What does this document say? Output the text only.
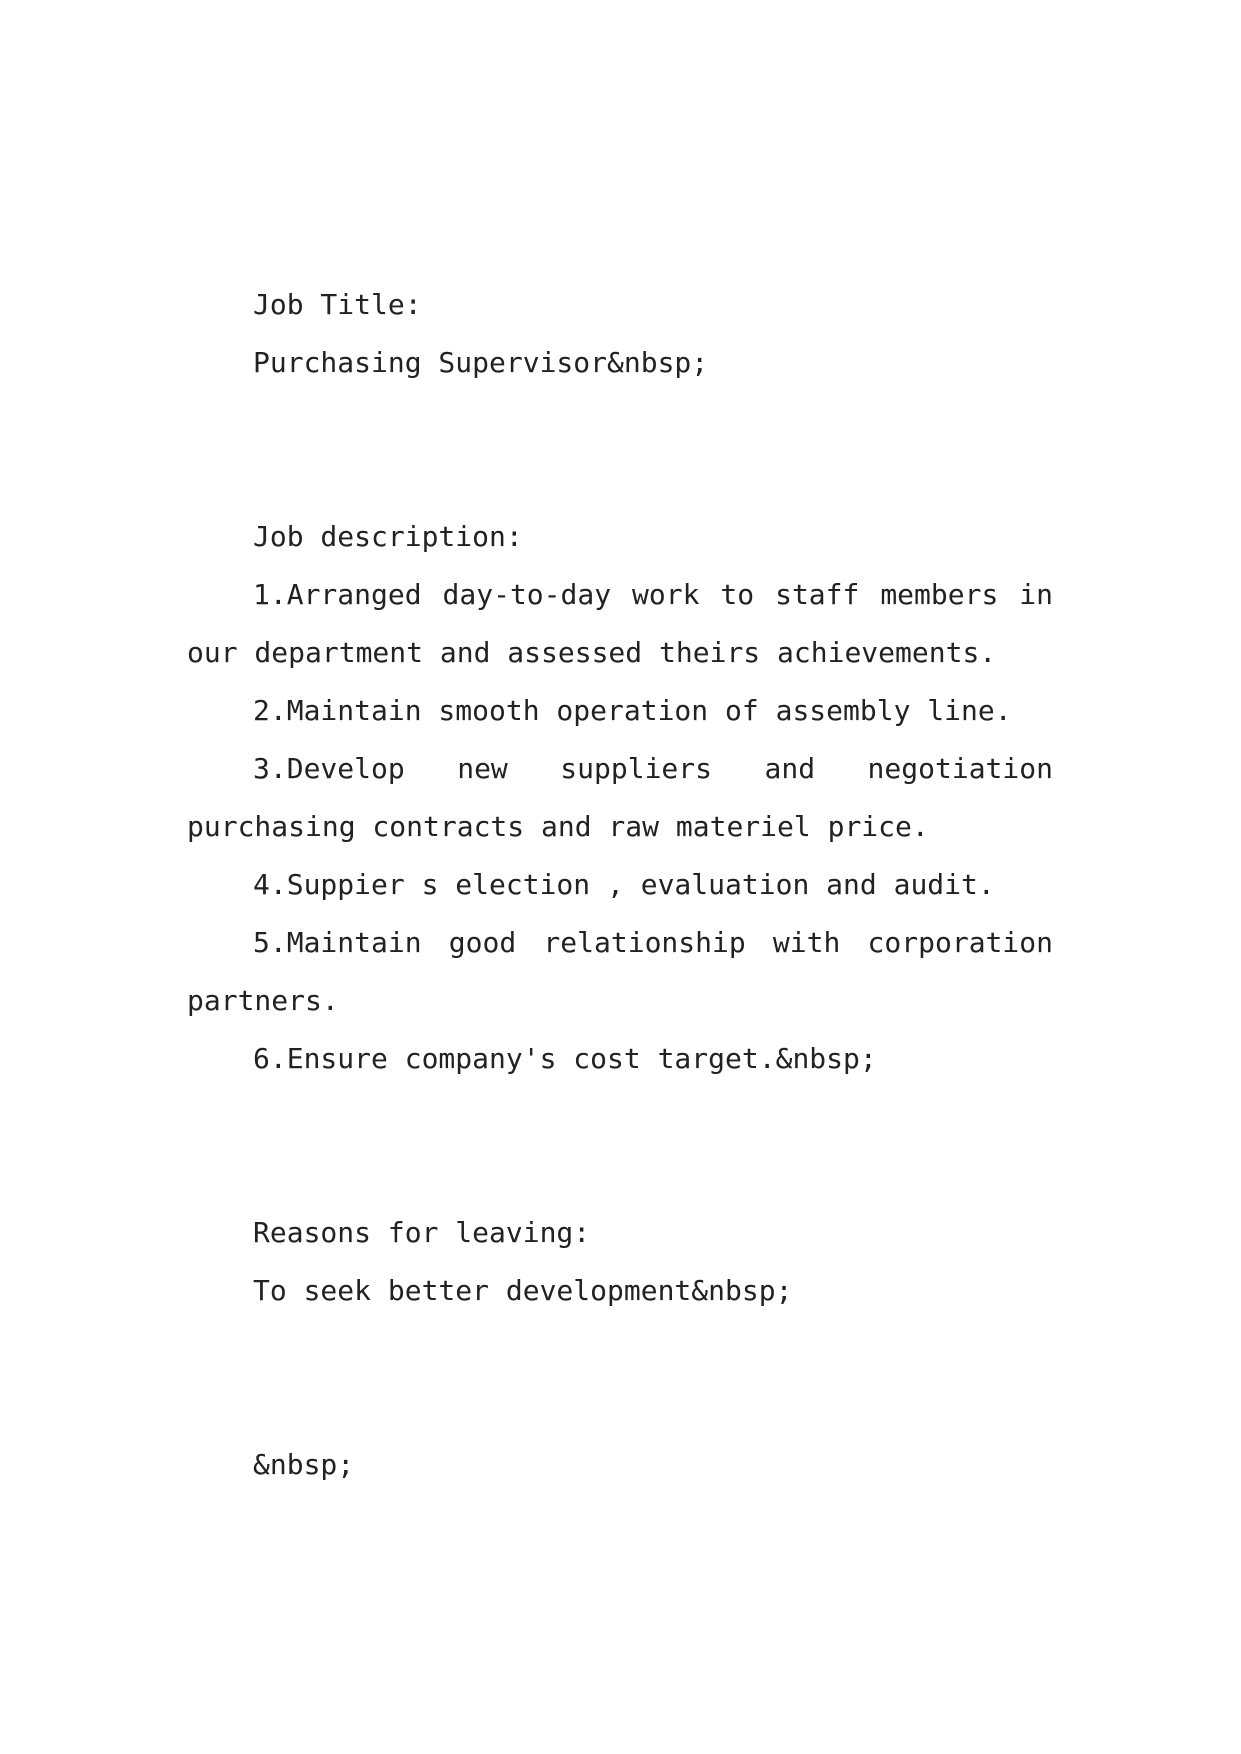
Job Title:

Purchasing Supervisor&nbsp;

Job description:

1.Arranged day-to-day work to staff members in

our department and assessed theirs achievements.

2.Maintain smooth operation of assembly line.

3.Develop new suppliers and negotiation

purchasing contracts and raw materiel price.

4.Suppier s election , evaluation and audit.

5.Maintain good relationship with corporation

partners.

6.Ensure company's cost target.&nbsp;

Reasons for leaving:

To seek better development&nbsp;

&nbsp;
